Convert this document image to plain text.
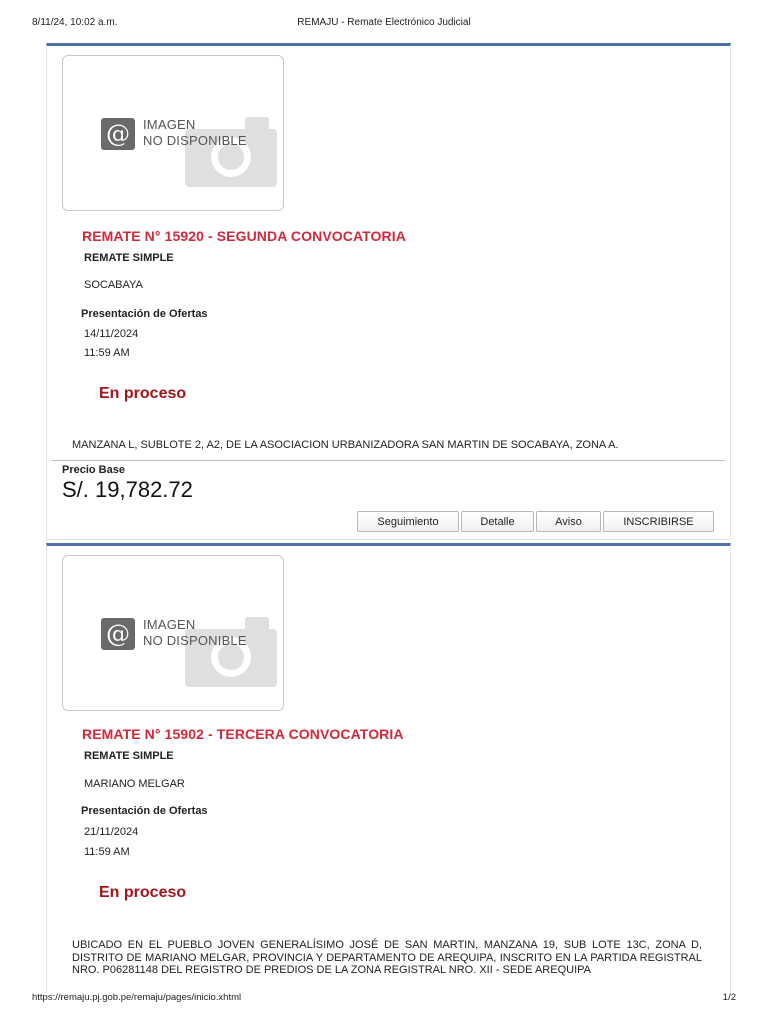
8/11/24, 10:02 a.m.	REMAJU - Remate Electrónico Judicial
@	IMAGEN
NO DISPONIBLE
REMATE N° 15920 - SEGUNDA CONVOCATORIA
REMATE SIMPLE
SOCABAYA
Presentación de Ofertas
14/11/2024
11:59 AM
En proceso
MANZANA L, SUBLOTE 2, A2, DE LA ASOCIACION URBANIZADORA SAN MARTIN DE SOCABAYA, ZONA A.
Precio Base
S/. 19,782.72
Seguimiento	Detalle	Aviso	INSCRIBIRSE
@	IMAGEN
NO DISPONIBLE
REMATE N° 15902 - TERCERA CONVOCATORIA
REMATE SIMPLE
MARIANO MELGAR
Presentación de Ofertas
21/11/2024
11:59 AM
En proceso
UBICADO EN EL PUEBLO JOVEN GENERALÍSIMO JOSÉ DE SAN MARTIN, MANZANA 19, SUB LOTE 13C, ZONA D, DISTRITO DE MARIANO MELGAR, PROVINCIA Y DEPARTAMENTO DE AREQUIPA, INSCRITO EN LA PARTIDA REGISTRAL NRO. P06281148 DEL REGISTRO DE PREDIOS DE LA ZONA REGISTRAL NRO. XII - SEDE AREQUIPA
https://remaju.pj.gob.pe/remaju/pages/inicio.xhtml	1/2
